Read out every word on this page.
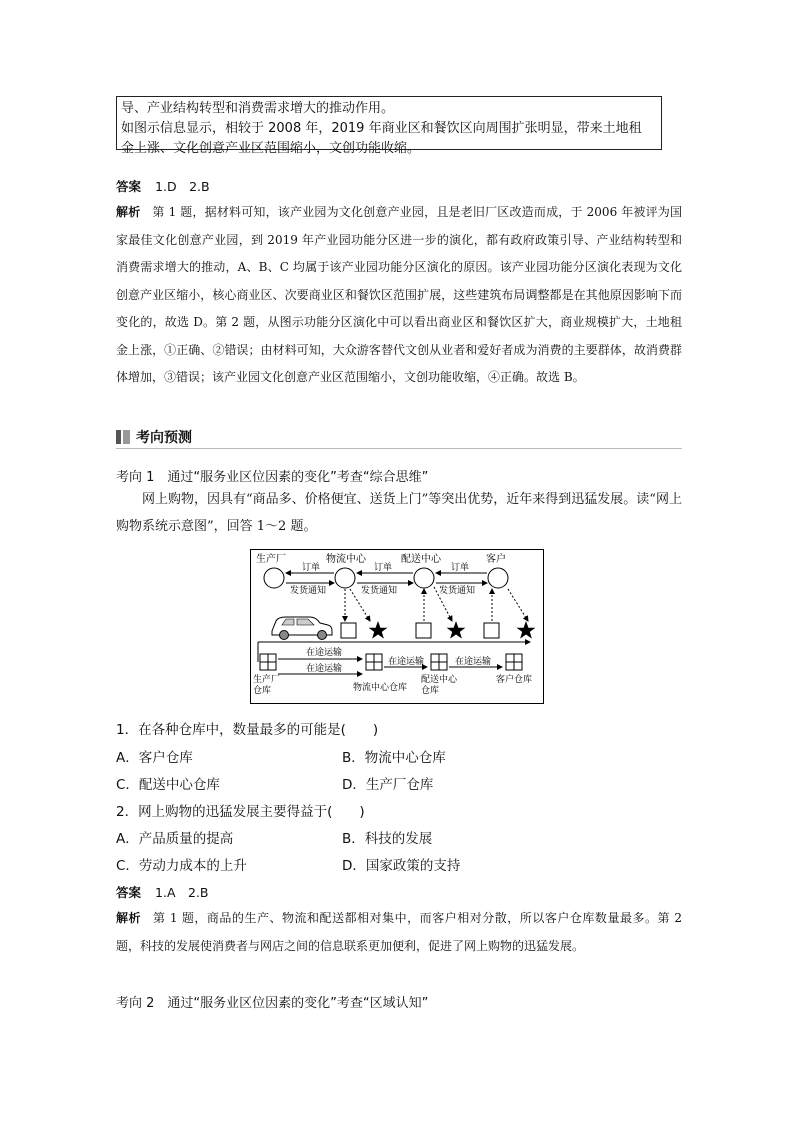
导、产业结构转型和消费需求增大的推动作用。

如图示信息显示，相较于 2008 年，2019 年商业区和餐饮区向周围扩张明显，带来土地租

金上涨、文化创意产业区范围缩小，文创功能收缩。

答案 1.D　2.B
解析 第 1 题，据材料可知，该产业园为文化创意产业园，且是老旧厂区改造而成，于 2006 年被评为国家最佳文化创意产业园，到 2019 年产业园功能分区进一步的演化，都有政府政策引导、产业结构转型和消费需求增大的推动，A、B、C 均属于该产业园功能分区演化的原因。该产业园功能分区演化表现为文化创意产业区缩小，核心商业区、次要商业区和餐饮区范围扩展，这些建筑布局调整都是在其他原因影响下而变化的，故选 D。第 2 题，从图示功能分区演化中可以看出商业区和餐饮区扩大，商业规模扩大，土地租金上涨，①正确、②错误；由材料可知，大众游客替代文创从业者和爱好者成为消费的主要群体，故消费群体增加，③错误；该产业园文化创意产业区范围缩小，文创功能收缩，④正确。故选 B。
考向预测
考向 1　通过“服务业区位因素的变化”考查“综合思维”
网上购物，因具有“商品多、价格便宜、送货上门”等突出优势，近年来得到迅猛发展。读“网上购物系统示意图”，回答 1～2 题。
生产厂	物流中心	配送中心	客户
订单	订单	订单
发货通知	发货通知	发货通知
在途运输
在途运输
在途运输	在途运输
生产厂
仓库	物流中心仓库
配送中心
仓库
客户仓库
1．在各种仓库中，数量最多的可能是(　　)
A．客户仓库	B．物流中心仓库
C．配送中心仓库	D．生产厂仓库
2．网上购物的迅猛发展主要得益于(　　)
A．产品质量的提高	B．科技的发展
C．劳动力成本的上升	D．国家政策的支持
答案 1.A　2.B
解析 第 1 题，商品的生产、物流和配送都相对集中，而客户相对分散，所以客户仓库数量最多。第 2 题，科技的发展使消费者与网店之间的信息联系更加便利，促进了网上购物的迅猛发展。
考向 2　通过“服务业区位因素的变化”考查“区域认知”
